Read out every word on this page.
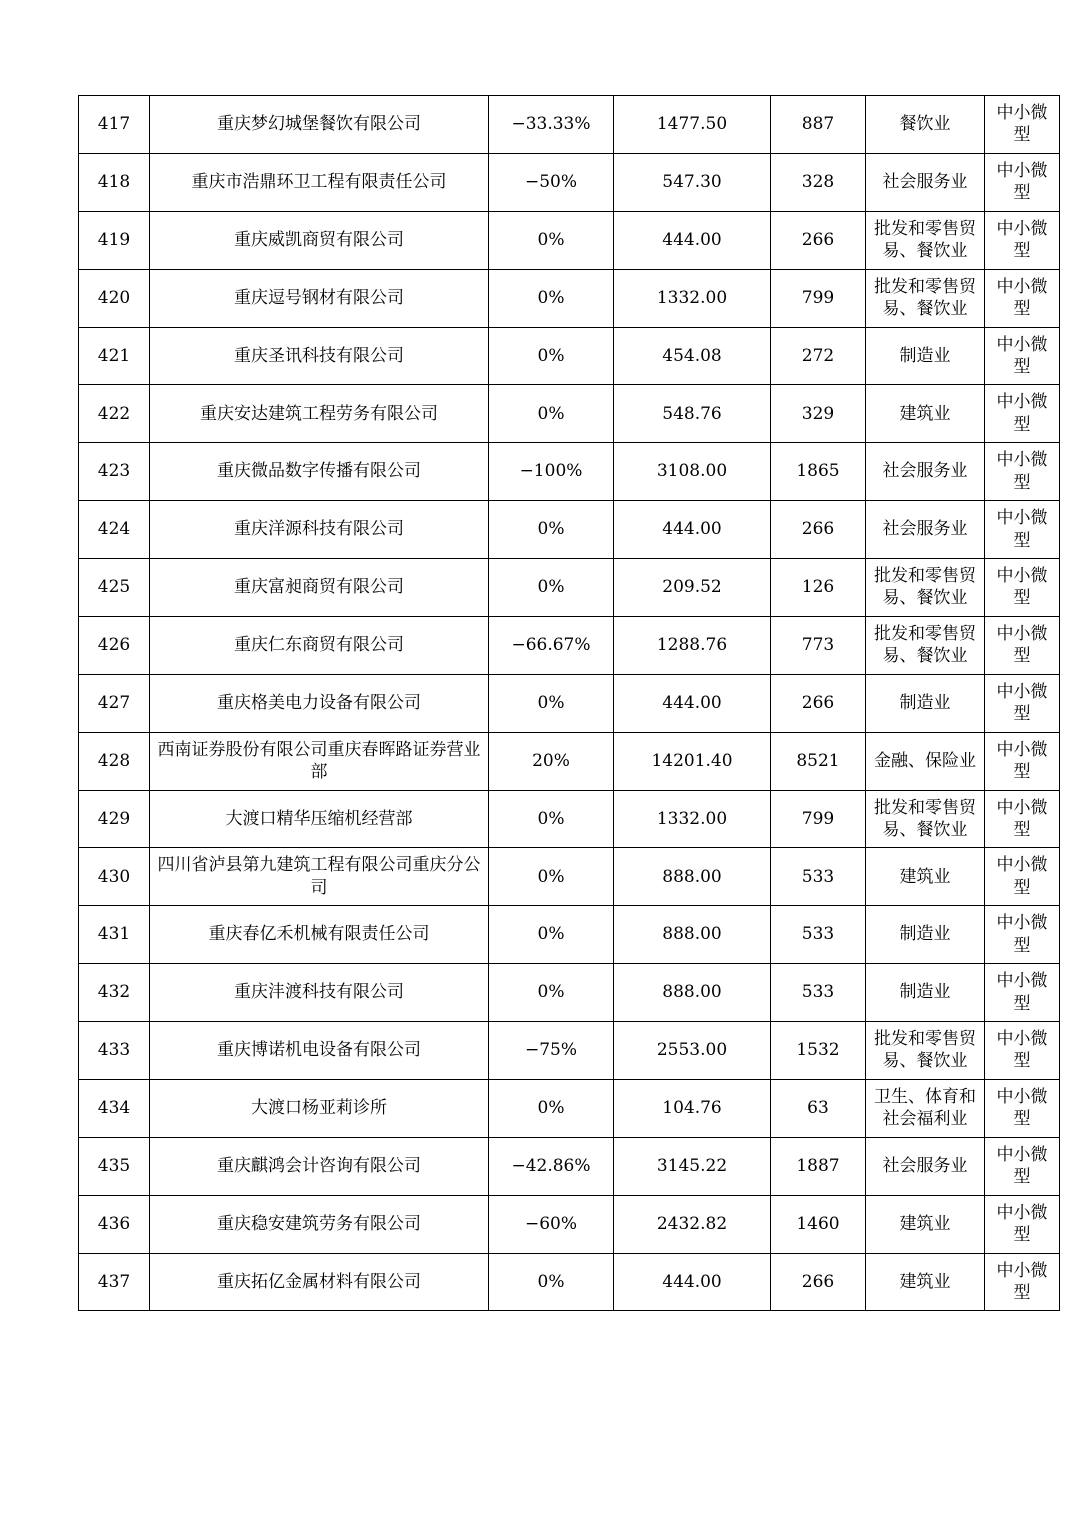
417	重庆梦幻城堡餐饮有限公司	−33.33%	1477.50	887	餐饮业	中小微型
418	重庆市浩鼎环卫工程有限责任公司	−50%	547.30	328	社会服务业	中小微型
419	重庆威凯商贸有限公司	0%	444.00	266	批发和零售贸易、餐饮业	中小微型
420	重庆逗号钢材有限公司	0%	1332.00	799	批发和零售贸易、餐饮业	中小微型
421	重庆圣讯科技有限公司	0%	454.08	272	制造业	中小微型
422	重庆安达建筑工程劳务有限公司	0%	548.76	329	建筑业	中小微型
423	重庆微品数字传播有限公司	−100%	3108.00	1865	社会服务业	中小微型
424	重庆洋源科技有限公司	0%	444.00	266	社会服务业	中小微型
425	重庆富昶商贸有限公司	0%	209.52	126	批发和零售贸易、餐饮业	中小微型
426	重庆仁东商贸有限公司	−66.67%	1288.76	773	批发和零售贸易、餐饮业	中小微型
427	重庆格美电力设备有限公司	0%	444.00	266	制造业	中小微型
428	西南证券股份有限公司重庆春晖路证券营业部	20%	14201.40	8521	金融、保险业	中小微型
429	大渡口精华压缩机经营部	0%	1332.00	799	批发和零售贸易、餐饮业	中小微型
430	四川省泸县第九建筑工程有限公司重庆分公司	0%	888.00	533	建筑业	中小微型
431	重庆春亿禾机械有限责任公司	0%	888.00	533	制造业	中小微型
432	重庆沣渡科技有限公司	0%	888.00	533	制造业	中小微型
433	重庆博诺机电设备有限公司	−75%	2553.00	1532	批发和零售贸易、餐饮业	中小微型
434	大渡口杨亚莉诊所	0%	104.76	63	卫生、体育和社会福利业	中小微型
435	重庆麒鸿会计咨询有限公司	−42.86%	3145.22	1887	社会服务业	中小微型
436	重庆稳安建筑劳务有限公司	−60%	2432.82	1460	建筑业	中小微型
437	重庆拓亿金属材料有限公司	0%	444.00	266	建筑业	中小微型
